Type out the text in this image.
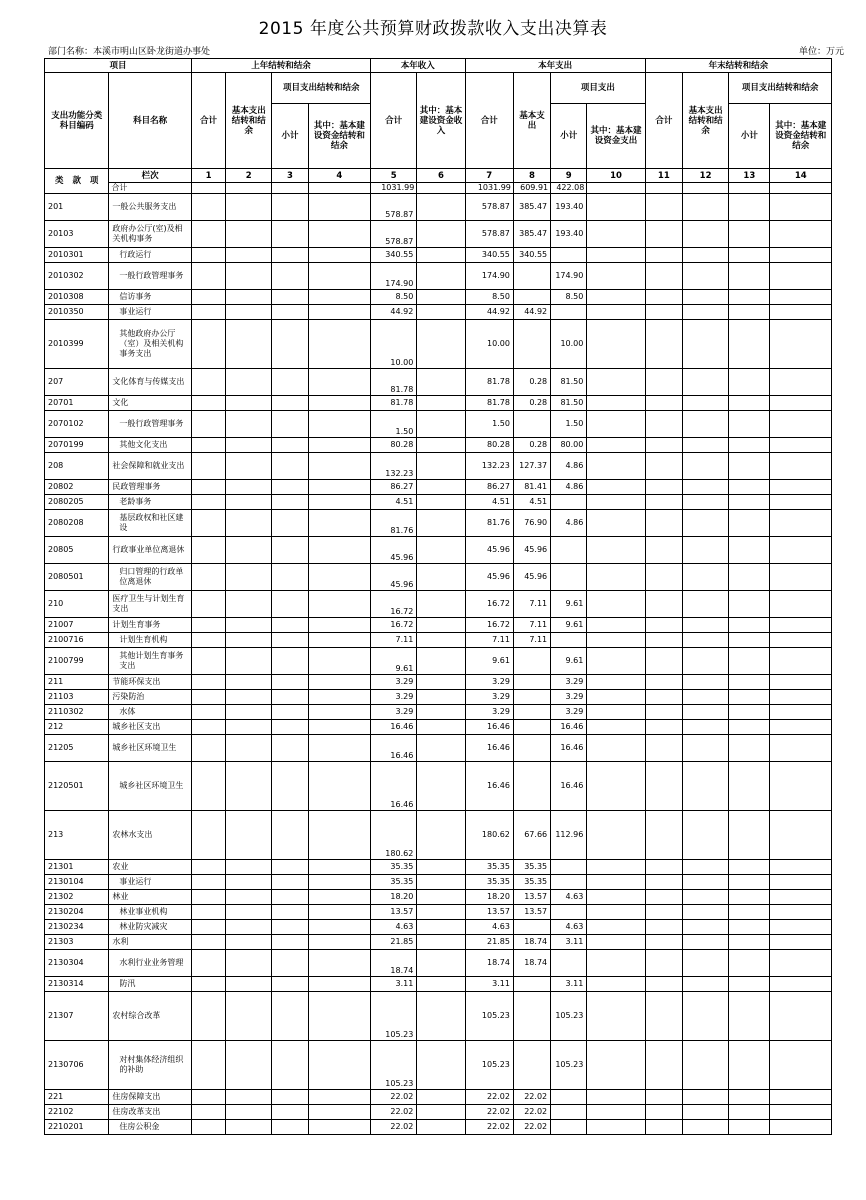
2015 年度公共预算财政拨款收入支出决算表
部门名称：本溪市明山区卧龙街道办事处	单位：万元
项目		上年结转和结余				本年收入		本年支出				年末结转和结余			
支出功能分类科目编码	科目名称	合计	基本支出结转和结余	项目支出结转和结余		合计	其中：基本建设资金收入	合计	基本支出	项目支出		合计	基本支出结转和结余	项目支出结转和结余	
				小计	其中：基本建设资金结转和结余					小计	其中：基本建设资金支出			小计	其中：基本建设资金结转和结余
类 款 项	栏次	1	2	3	4	5	6	7	8	9	10	11	12	13	14
	合计					1031.99		1031.99	609.91	422.08					
201	一般公共服务支出					578.87		578.87	385.47	193.40					
20103	政府办公厅(室)及相关机构事务					578.87		578.87	385.47	193.40					
2010301	行政运行					340.55		340.55	340.55						
2010302	一般行政管理事务					174.90		174.90		174.90					
2010308	信访事务					8.50		8.50		8.50					
2010350	事业运行					44.92		44.92	44.92						
2010399	其他政府办公厅（室）及相关机构事务支出					10.00		10.00		10.00					
207	文化体育与传媒支出					81.78		81.78	0.28	81.50					
20701	文化					81.78		81.78	0.28	81.50					
2070102	一般行政管理事务					1.50		1.50		1.50					
2070199	其他文化支出					80.28		80.28	0.28	80.00					
208	社会保障和就业支出					132.23		132.23	127.37	4.86					
20802	民政管理事务					86.27		86.27	81.41	4.86					
2080205	老龄事务					4.51		4.51	4.51						
2080208	基层政权和社区建设					81.76		81.76	76.90	4.86					
20805	行政事业单位离退休					45.96		45.96	45.96						
2080501	归口管理的行政单位离退休					45.96		45.96	45.96						
210	医疗卫生与计划生育支出					16.72		16.72	7.11	9.61					
21007	计划生育事务					16.72		16.72	7.11	9.61					
2100716	计划生育机构					7.11		7.11	7.11						
2100799	其他计划生育事务支出					9.61		9.61		9.61					
211	节能环保支出					3.29		3.29		3.29					
21103	污染防治					3.29		3.29		3.29					
2110302	水体					3.29		3.29		3.29					
212	城乡社区支出					16.46		16.46		16.46					
21205	城乡社区环境卫生					16.46		16.46		16.46					
2120501	城乡社区环境卫生					16.46		16.46		16.46					
213	农林水支出					180.62		180.62	67.66	112.96					
21301	农业					35.35		35.35	35.35						
2130104	事业运行					35.35		35.35	35.35						
21302	林业					18.20		18.20	13.57	4.63					
2130204	林业事业机构					13.57		13.57	13.57						
2130234	林业防灾减灾					4.63		4.63		4.63					
21303	水利					21.85		21.85	18.74	3.11					
2130304	水利行业业务管理					18.74		18.74	18.74						
2130314	防汛					3.11		3.11		3.11					
21307	农村综合改革					105.23		105.23		105.23					
2130706	对村集体经济组织的补助					105.23		105.23		105.23					
221	住房保障支出					22.02		22.02	22.02						
22102	住房改革支出					22.02		22.02	22.02						
2210201	住房公积金					22.02		22.02	22.02						
